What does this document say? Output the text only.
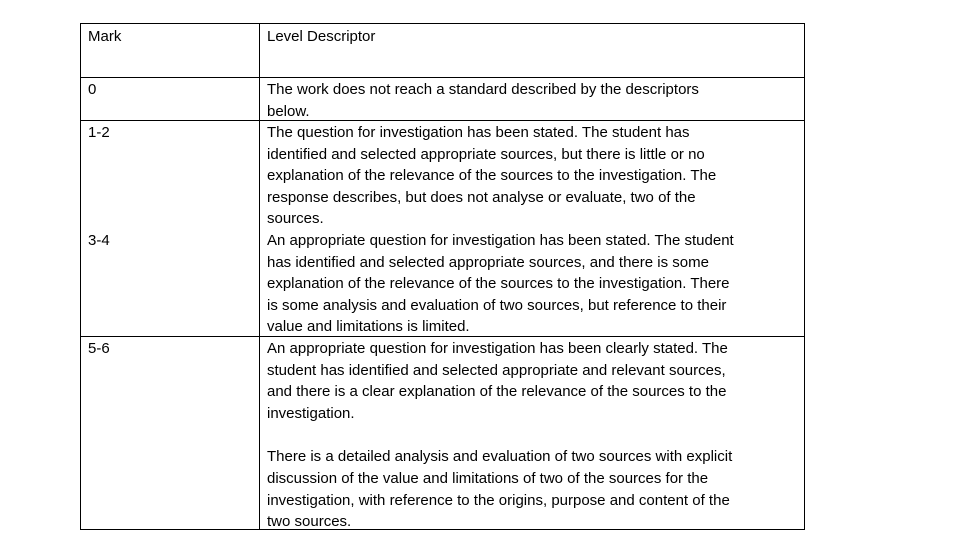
Mark	Level Descriptor
0	The work does not reach a standard described by the descriptors
below.
1-2	The question for investigation has been stated. The student has
identified and selected appropriate sources, but there is little or no
explanation of the relevance of the sources to the investigation. The
response describes, but does not analyse or evaluate, two of the
sources.
3-4	An appropriate question for investigation has been stated. The student
has identified and selected appropriate sources, and there is some
explanation of the relevance of the sources to the investigation. There
is some analysis and evaluation of two sources, but reference to their
value and limitations is limited.
5-6	An appropriate question for investigation has been clearly stated. The
student has identified and selected appropriate and relevant sources,
and there is a clear explanation of the relevance of the sources to the
investigation.
There is a detailed analysis and evaluation of two sources with explicit
discussion of the value and limitations of two of the sources for the
investigation, with reference to the origins, purpose and content of the
two sources.
